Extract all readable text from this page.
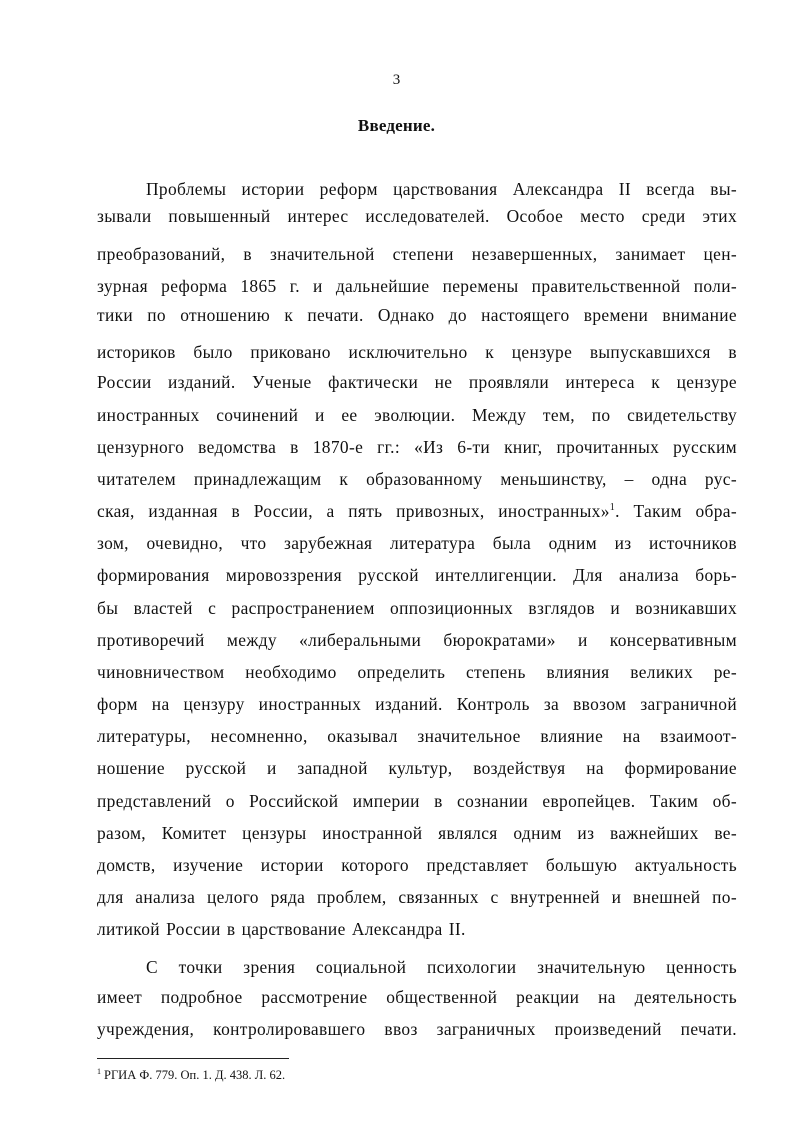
3
Введение.
Проблемы истории реформ царствования Александра II всегда вы-
зывали повышенный интерес исследователей. Особое место среди этих
преобразований, в значительной степени незавершенных, занимает цен-
зурная реформа 1865 г. и дальнейшие перемены правительственной поли-
тики по отношению к печати. Однако до настоящего времени внимание
историков было приковано исключительно к цензуре выпускавшихся в
России изданий. Ученые фактически не проявляли интереса к цензуре
иностранных сочинений и ее эволюции. Между тем, по свидетельству
цензурного ведомства в 1870-е гг.: «Из 6-ти книг, прочитанных русским
читателем принадлежащим к образованному меньшинству, – одна рус-
ская, изданная в России, а пять привозных, иностранных»$^1$. Таким обра-
зом, очевидно, что зарубежная литература была одним из источников
формирования мировоззрения русской интеллигенции. Для анализа борь-
бы властей с распространением оппозиционных взглядов и возникавших
противоречий между «либеральными бюрократами» и консервативным
чиновничеством необходимо определить степень влияния великих ре-
форм на цензуру иностранных изданий. Контроль за ввозом заграничной
литературы, несомненно, оказывал значительное влияние на взаимоот-
ношение русской и западной культур, воздействуя на формирование
представлений о Российской империи в сознании европейцев. Таким об-
разом, Комитет цензуры иностранной являлся одним из важнейших ве-
домств, изучение истории которого представляет большую актуальность
для анализа целого ряда проблем, связанных с внутренней и внешней по-
литикой России в царствование Александра II.
С точки зрения социальной психологии значительную ценность
имеет подробное рассмотрение общественной реакции на деятельность
учреждения, контролировавшего ввоз заграничных произведений печати.
$^1$ РГИА Ф. 779. Оп. 1. Д. 438. Л. 62.
